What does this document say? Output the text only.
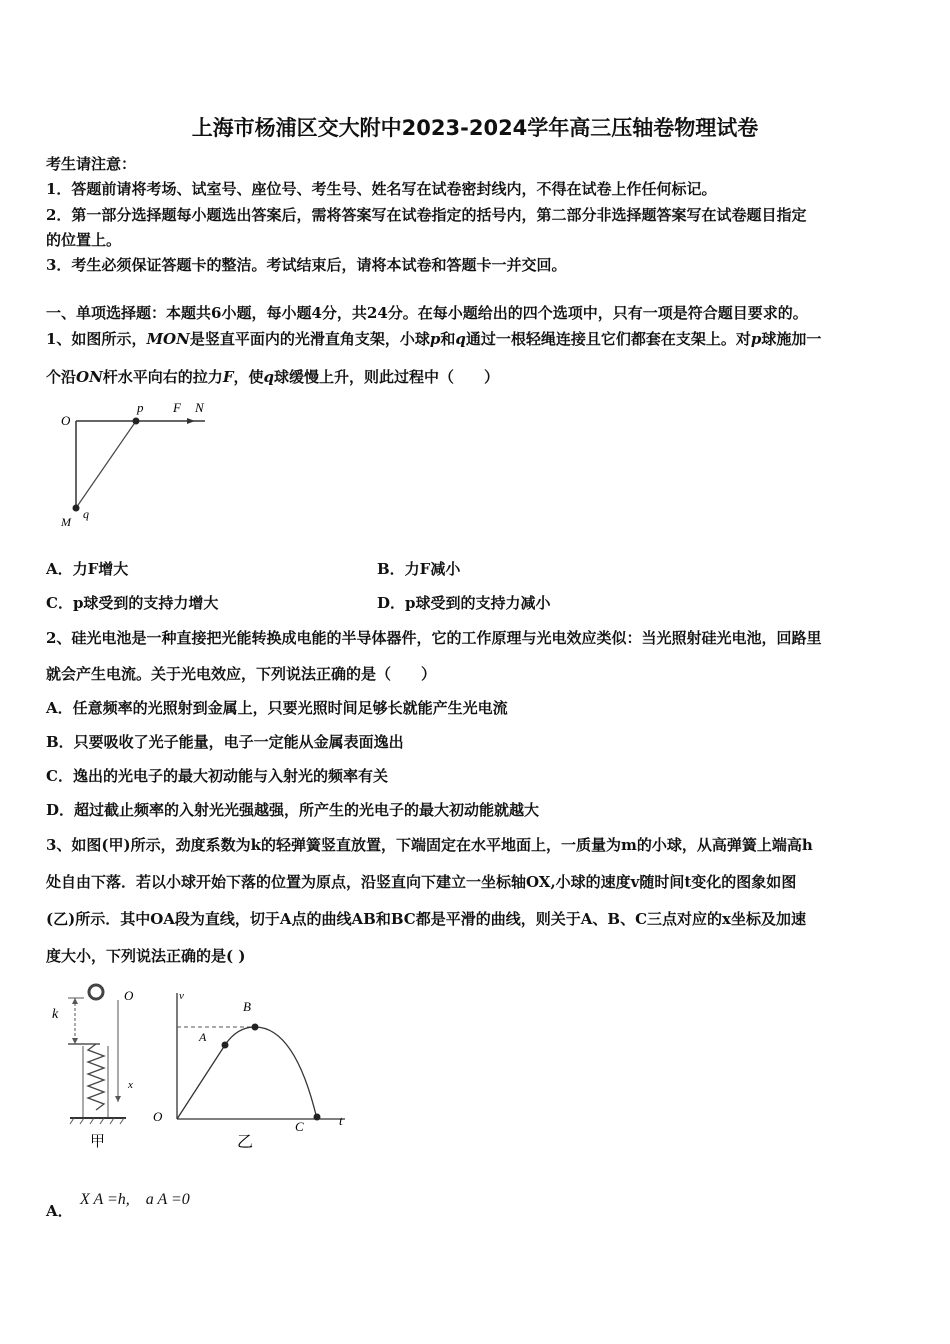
上海市杨浦区交大附中2023-2024学年高三压轴卷物理试卷
考生请注意：
1．答题前请将考场、试室号、座位号、考生号、姓名写在试卷密封线内，不得在试卷上作任何标记。
2．第一部分选择题每小题选出答案后，需将答案写在试卷指定的括号内，第二部分非选择题答案写在试卷题目指定
的位置上。
3．考生必须保证答题卡的整洁。考试结束后，请将本试卷和答题卡一并交回。
一、单项选择题：本题共6小题，每小题4分，共24分。在每小题给出的四个选项中，只有一项是符合题目要求的。
1、如图所示，MON是竖直平面内的光滑直角支架，小球p和q通过一根轻绳连接且它们都套在支架上。对p球施加一
个沿ON杆水平向右的拉力F，使q球缓慢上升，则此过程中（　　）
O
p F N
M
q
A．力F增大	B．力F减小
C．p球受到的支持力增大	D．p球受到的支持力减小
2、硅光电池是一种直接把光能转换成电能的半导体器件，它的工作原理与光电效应类似：当光照射硅光电池，回路里
就会产生电流。关于光电效应，下列说法正确的是（　　）
A．任意频率的光照射到金属上，只要光照时间足够长就能产生光电流
B．只要吸收了光子能量，电子一定能从金属表面逸出
C．逸出的光电子的最大初动能与入射光的频率有关
D．超过截止频率的入射光光强越强，所产生的光电子的最大初动能就越大
3、如图(甲)所示，劲度系数为k的轻弹簧竖直放置，下端固定在水平地面上，一质量为m的小球，从高弹簧上端高h
处自由下落．若以小球开始下落的位置为原点，沿竖直向下建立一坐标轴OX,小球的速度v随时间t变化的图象如图
(乙)所示．其中OA段为直线，切于A点的曲线AB和BC都是平滑的曲线，则关于A、B、C三点对应的x坐标及加速
度大小，下列说法正确的是( )
k
O
x
甲
v
O
A
B
C	t
乙
A．
X A =h,　a A =0
